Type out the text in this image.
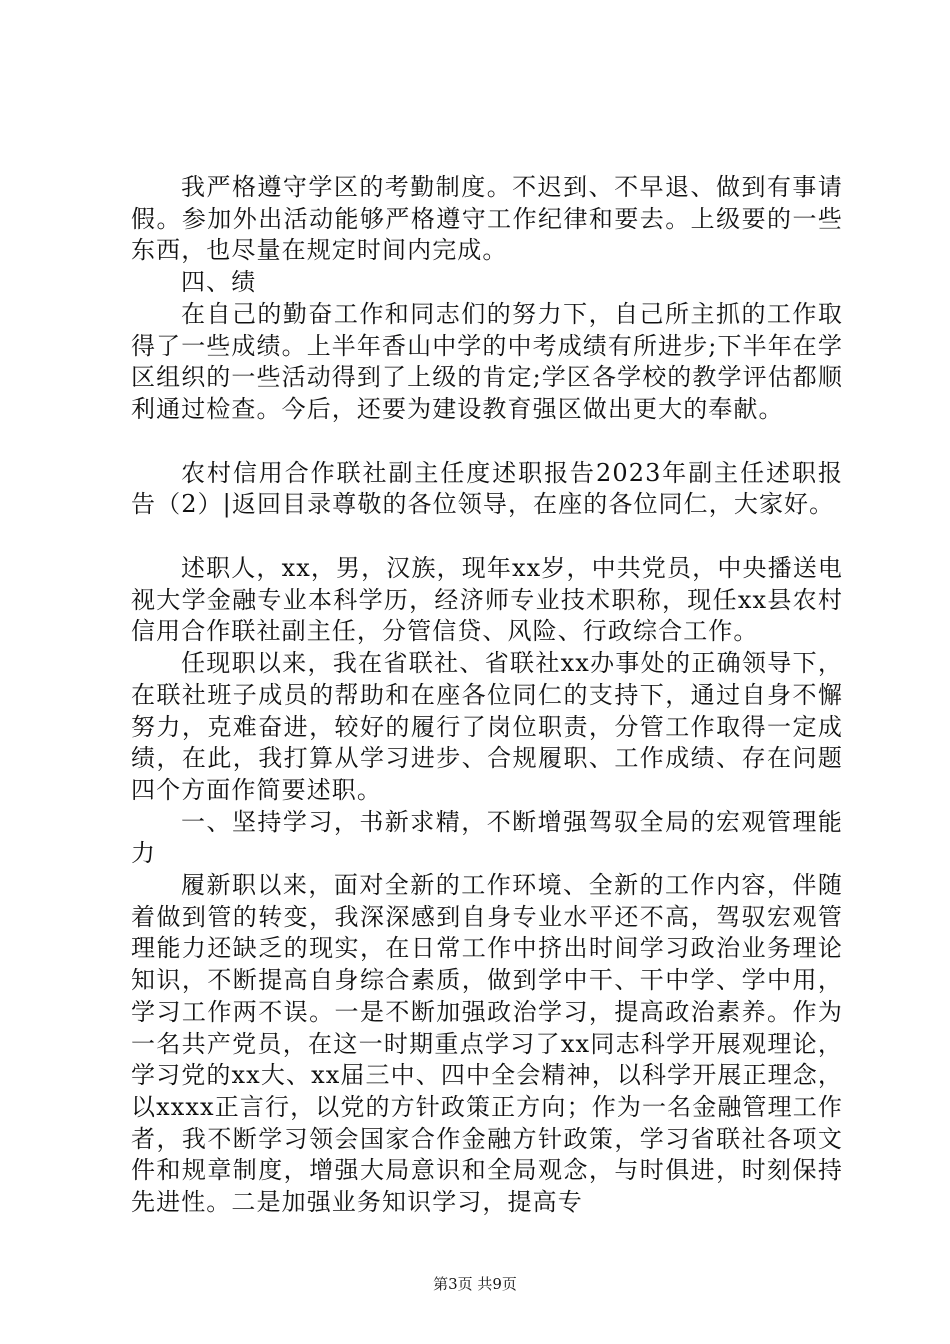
我严格遵守学区的考勤制度。不迟到、不早退、做到有事请假。参加外出活动能够严格遵守工作纪律和要去。上级要的一些东西，也尽量在规定时间内完成。

四、绩

在自己的勤奋工作和同志们的努力下，自己所主抓的工作取得了一些成绩。上半年香山中学的中考成绩有所进步;下半年在学区组织的一些活动得到了上级的肯定;学区各学校的教学评估都顺利通过检查。今后，还要为建设教育强区做出更大的奉献。

农村信用合作联社副主任度述职报告2023年副主任述职报告（2）|返回目录尊敬的各位领导，在座的各位同仁，大家好。

述职人，xx，男，汉族，现年xx岁，中共党员，中央播送电视大学金融专业本科学历，经济师专业技术职称，现任xx县农村信用合作联社副主任，分管信贷、风险、行政综合工作。

任现职以来，我在省联社、省联社xx办事处的正确领导下，在联社班子成员的帮助和在座各位同仁的支持下，通过自身不懈努力，克难奋进，较好的履行了岗位职责，分管工作取得一定成绩，在此，我打算从学习进步、合规履职、工作成绩、存在问题四个方面作简要述职。

一、坚持学习，书新求精，不断增强驾驭全局的宏观管理能力

履新职以来，面对全新的工作环境、全新的工作内容，伴随着做到管的转变，我深深感到自身专业水平还不高，驾驭宏观管理能力还缺乏的现实，在日常工作中挤出时间学习政治业务理论知识，不断提高自身综合素质，做到学中干、干中学、学中用，学习工作两不误。一是不断加强政治学习，提高政治素养。作为一名共产党员，在这一时期重点学习了xx同志科学开展观理论，学习党的xx大、xx届三中、四中全会精神，以科学开展正理念，以xxxx正言行，以党的方针政策正方向；作为一名金融管理工作者，我不断学习领会国家合作金融方针政策，学习省联社各项文件和规章制度，增强大局意识和全局观念，与时俱进，时刻保持先进性。二是加强业务知识学习，提高专

第3页 共9页
